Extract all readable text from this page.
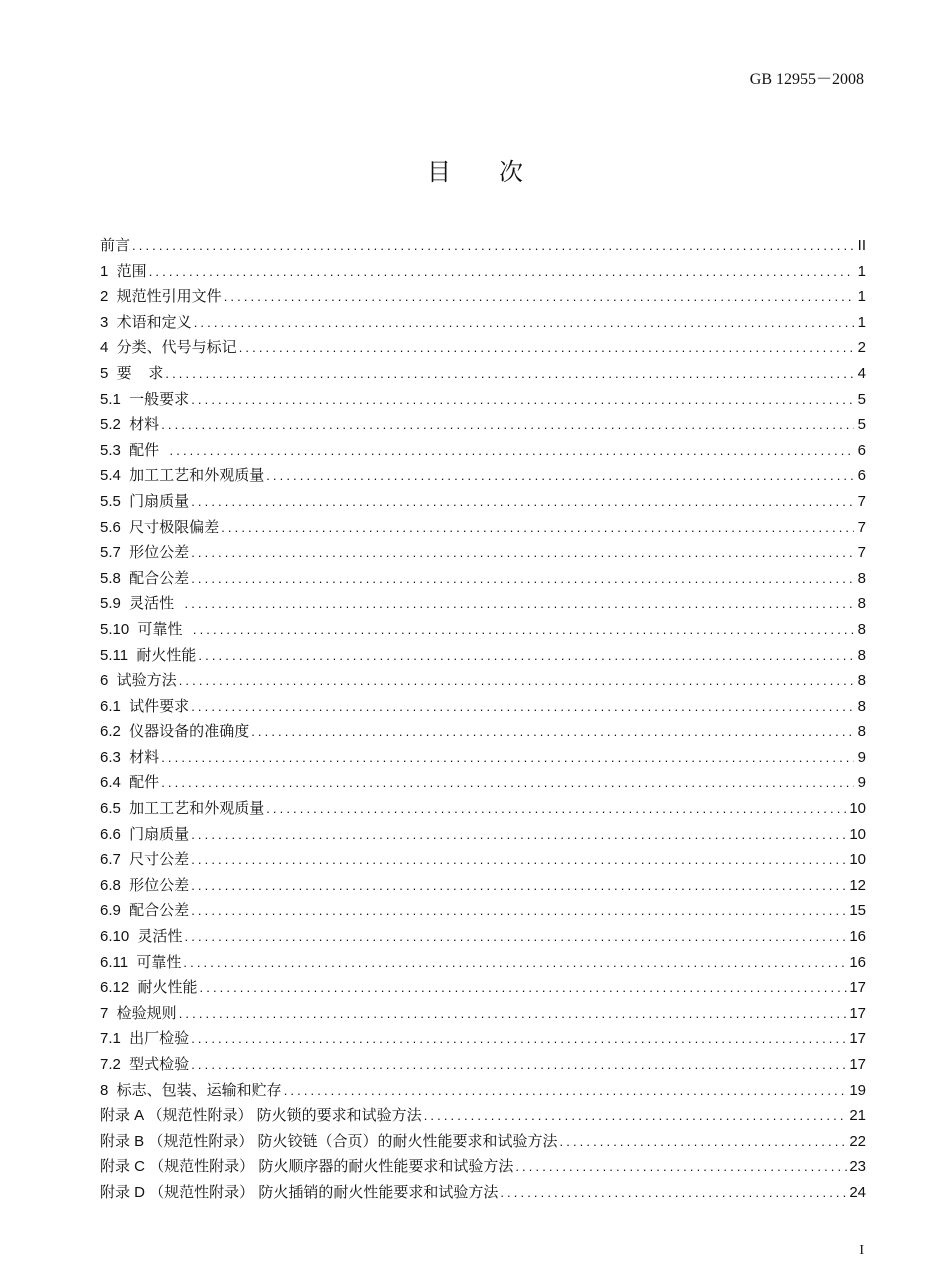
GB 12955－2008
目 次
前言 .....	II
1  范围 .....	1
2  规范性引用文件 .....	1
3  术语和定义 .....	1
4  分类、代号与标记 .....	2
5  要    求 .....	4
5.1  一般要求 .....	5
5.2  材料 .....	5
5.3  配件 .....	6
5.4  加工工艺和外观质量 .....	6
5.5  门扇质量 .....	7
5.6  尺寸极限偏差 .....	7
5.7  形位公差 .....	7
5.8  配合公差 .....	8
5.9  灵活性 .....	8
5.10  可靠性 .....	8
5.11  耐火性能 .....	8
6  试验方法 .....	8
6.1  试件要求 .....	8
6.2  仪器设备的准确度 .....	8
6.3  材料 .....	9
6.4  配件 .....	9
6.5  加工工艺和外观质量 .....	10
6.6  门扇质量 .....	10
6.7  尺寸公差 .....	10
6.8  形位公差 .....	12
6.9  配合公差 .....	15
6.10  灵活性 .....	16
6.11  可靠性 .....	16
6.12  耐火性能 .....	17
7  检验规则 .....	17
7.1  出厂检验 .....	17
7.2  型式检验 .....	17
8  标志、包装、运输和贮存 .....	19
附录 A （规范性附录） 防火锁的要求和试验方法 .....	21
附录 B （规范性附录） 防火铰链（合页）的耐火性能要求和试验方法 .....	22
附录 C （规范性附录） 防火顺序器的耐火性能要求和试验方法 .....	23
附录 D （规范性附录） 防火插销的耐火性能要求和试验方法 .....	24
I
